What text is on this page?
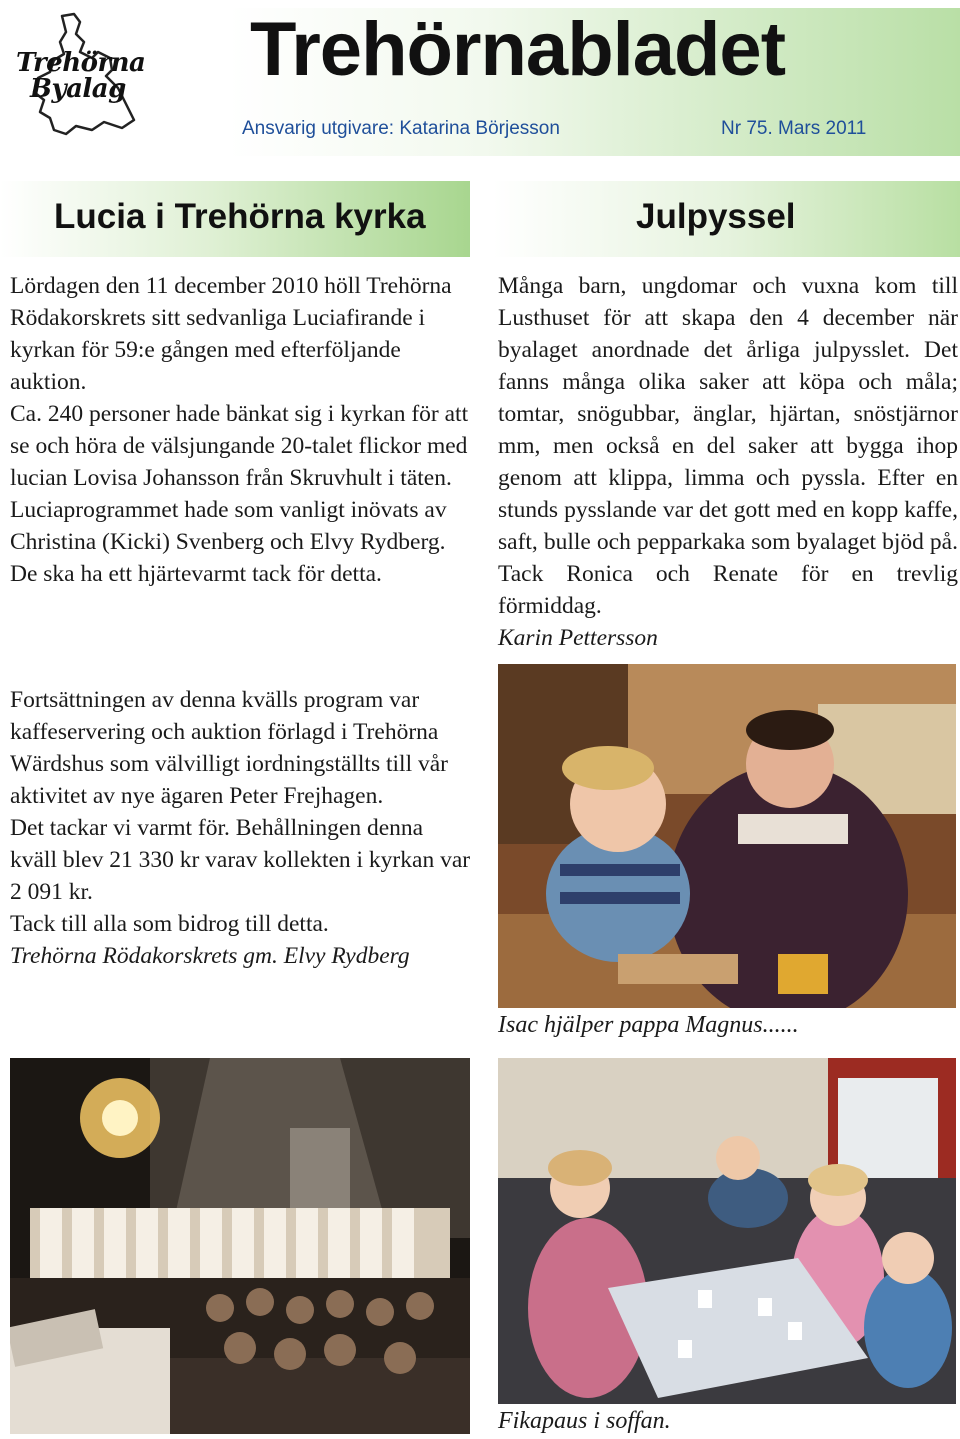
Trehörna
Byalag Trehörnabladet
Ansvarig utgivare: Katarina Börjesson	Nr 75. Mars 2011
Lucia i Trehörna kyrka	Julpyssel

Lördagen den 11 december 2010 höll Trehörna Rödakorskrets sitt sedvanliga Luciafirande i kyrkan för 59:e gången med efterföljande auktion.

Ca. 240 personer hade bänkat sig i kyrkan för att se och höra de välsjungande 20-talet flickor med lucian Lovisa Johansson från Skruvhult i täten.

Luciaprogrammet hade som vanligt inövats av Christina (Kicki) Svenberg och Elvy Rydberg. De ska ha ett hjärtevarmt tack för detta.

Fortsättningen av denna kvälls program var kaffeservering och auktion förlagd i Trehörna Wärdshus som välvilligt iordningställts till vår aktivitet av nye ägaren Peter Frejhagen.

Det tackar vi varmt för. Behållningen denna kväll blev 21 330 kr varav kollekten i kyrkan var 2 091 kr.

Tack till alla som bidrog till detta.

Trehörna Rödakorskrets gm. Elvy Rydberg

Många barn, ungdomar och vuxna kom till Lusthuset för att skapa den 4 december när byalaget anordnade det årliga julpysslet. Det fanns många olika saker att köpa och måla; tomtar, snögubbar, änglar, hjärtan, snöstjärnor mm, men också en del saker att bygga ihop genom att klippa, limma och pyssla. Efter en stunds pysslande var det gott med en kopp kaffe, saft, bulle och pepparkaka som byalaget bjöd på. Tack Ronica och Renate för en trevlig förmiddag.

Karin Pettersson

Isac hjälper pappa Magnus......
Fikapaus i soffan.
